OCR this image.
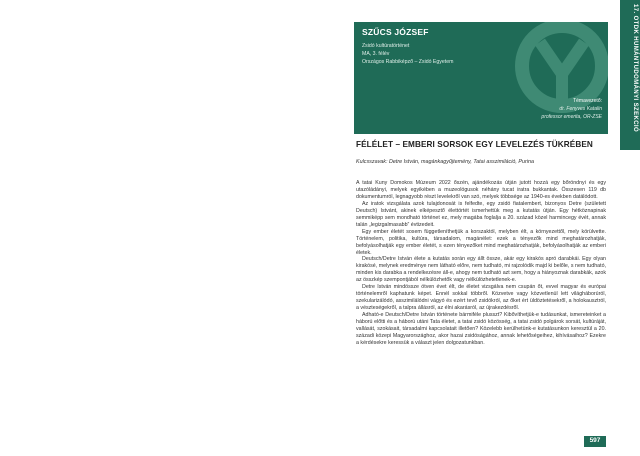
17. OTDK HUMÁNTUDOMÁNYI SZEKCIÓ
SZŰCS JÓZSEF
Zsidó kultúratörténet
MA, 3. félév
Országos Rabbiképző – Zsidó Egyetem
Témavezető:
dr. Fenyves Katalin
professor emerita, OR-ZSE
FÉLÉLET – EMBERI SORSOK EGY LEVELEZÉS TÜKRÉBEN
Kulcsszavak: Detre István, magánkagyűjtemény, Tatai asszimiláció, Purina

A tatai Kuny Domokos Múzeum 2022 őszén, ajándékozás útján jutott hozzá egy bőröndnyi és egy utazóládányi, melyek egyikében a muzeológusok néhány tucat iratra bukkantak. Összesen 119 db dokumentumról, legnagyobb részt levelekről van szó, melyek többsége az 1940-es években datálódott.

Az iratok vizsgálata azok tulajdonosát is felfedte, egy zsidó fiatalembert, bizonyos Detre (született Deutsch) Istvánt, akinek elképesztő élettörtét ismerhettük meg a kutatás útján. Egy hétköznapinak semmiképp sem mondható történet ez, mely magába foglalja a 20. század közel harmincegy évét, annak talán „legizgalmasabb” évtizedeit.

Egy ember életét sosem függetleníthetjük a korszaktól, melyben élt, a környezettől, mely körülvette. Történelem, politika, kultúra, társadalom, magánélet: ezek a tényezők mind meghatározhatják, befolyásolhatják egy ember életét, s ezen tényezőket mind meghatározhatják, befolyásolhatják az emberi életek.

Deutsch/Detre István élete a kutatás során egy állt össze, akár egy kirakós apró darabkái. Egy olyan kirakósé, melynek eredménye nem látható előre, nem tudható, mi rajzolódik majd ki belőle, s nem tudható, minden kis darabka a rendelkezésre áll-e, ahogy nem tudható azt sem, hogy a hiányoznak darabkák, azok az összkép szempontjából nélkülözhetők vagy nélkülözhetetlenek-e.

Detre István mindössze ötven évet élt, de életet vizsgálva nem csupán őt, evvel magyar és európai történelemről kaphatunk képet. Ennél sokkal többről. Közvetve vagy közvetlenül lett világháborúról, szekularizálódó, asszimilálódni vágyó és ezért tevő zsidókról, az őket ért üldöztetésekről, a holokausztról, a vészteségekről, a talpra állásról, az élni akarásról, az újrakezdésről.

Adható-e Deutsch/Detre István története bármiféle plusszt? Kibővíthetjük-e tudásunkat, ismereteinket a háború előtti és a háború utáni Tata életet, a tatai zsidó közösség, a tatai zsidó polgárok sorsát, kultúráját, vallását, szokásait, társadalmi kapcsolatait illetően? Közelebb kerülhetünk-e kutatásunkon keresztül a 20. századi közepi Magyarországhoz, akor hazai zsidóságához, annak lehetőségeihez, kihívásaihoz? Ezekre a kérdésekre keressük a választ jelen dolgozatunkban.

597
